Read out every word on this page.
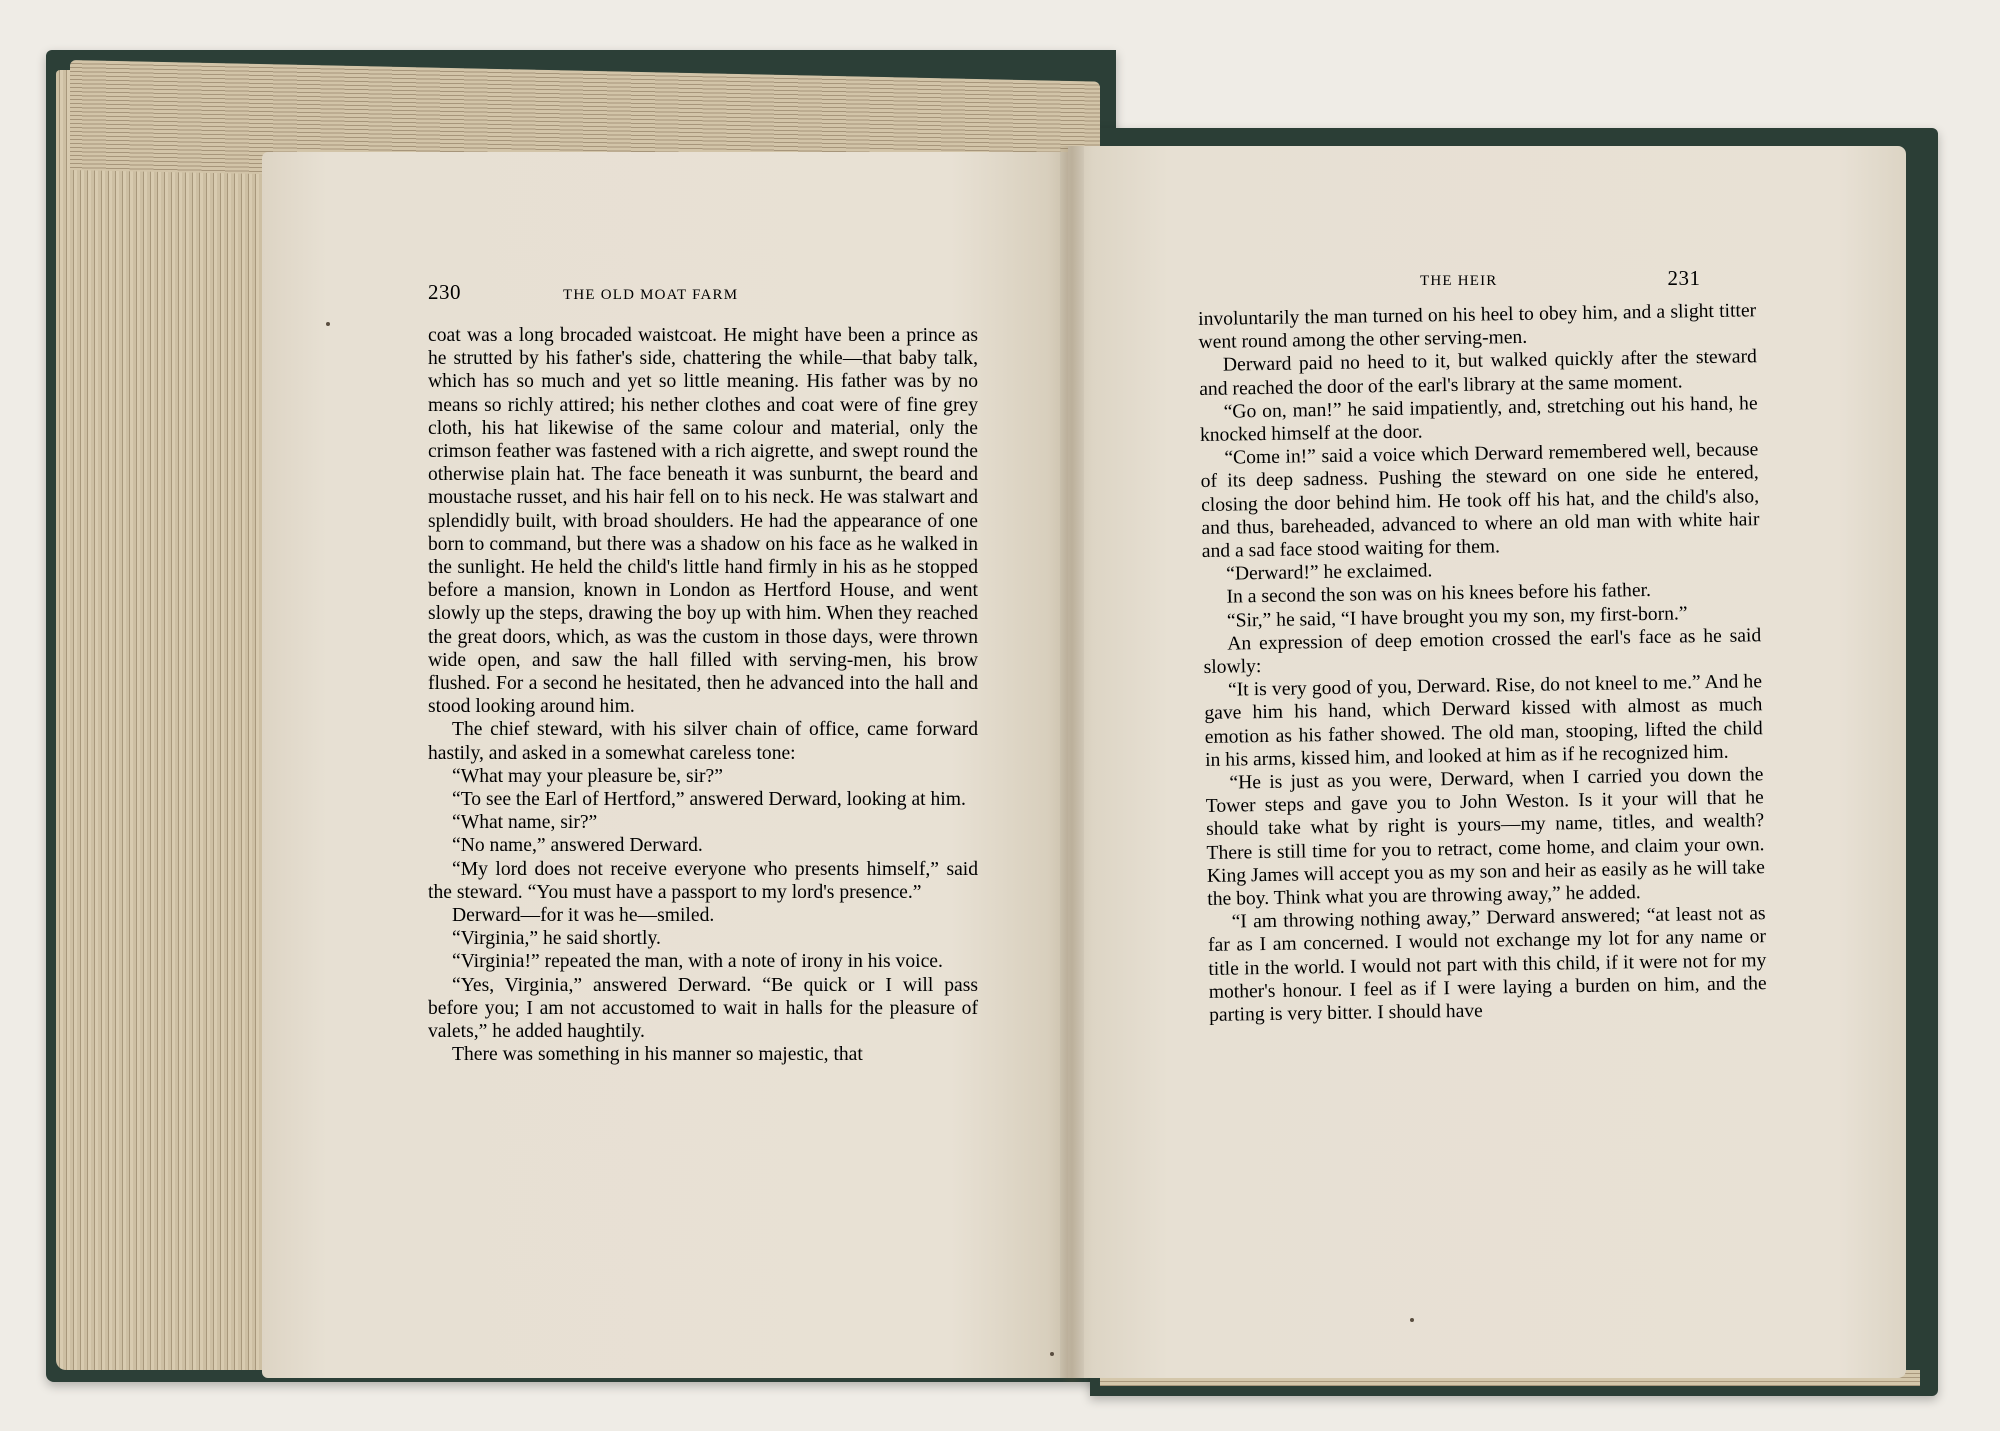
230	THE OLD MOAT FARM
THE HEIR	231

coat was a long brocaded waistcoat. He might have been a prince as he strutted by his father's side, chattering the while—that baby talk, which has so much and yet so little meaning. His father was by no means so richly attired; his nether clothes and coat were of fine grey cloth, his hat likewise of the same colour and material, only the crimson feather was fastened with a rich aigrette, and swept round the otherwise plain hat. The face beneath it was sunburnt, the beard and moustache russet, and his hair fell on to his neck. He was stalwart and splendidly built, with broad shoulders. He had the appearance of one born to command, but there was a shadow on his face as he walked in the sunlight. He held the child's little hand firmly in his as he stopped before a mansion, known in London as Hertford House, and went slowly up the steps, drawing the boy up with him. When they reached the great doors, which, as was the custom in those days, were thrown wide open, and saw the hall filled with serving-men, his brow flushed. For a second he hesitated, then he advanced into the hall and stood looking around him.

The chief steward, with his silver chain of office, came forward hastily, and asked in a somewhat careless tone:

“What may your pleasure be, sir?”

“To see the Earl of Hertford,” answered Derward, looking at him.

“What name, sir?”

“No name,” answered Derward.

“My lord does not receive everyone who presents himself,” said the steward. “You must have a passport to my lord's presence.”

Derward—for it was he—smiled.

“Virginia,” he said shortly.

“Virginia!” repeated the man, with a note of irony in his voice.

“Yes, Virginia,” answered Derward. “Be quick or I will pass before you; I am not accustomed to wait in halls for the pleasure of valets,” he added haughtily.

There was something in his manner so majestic, that

involuntarily the man turned on his heel to obey him, and a slight titter went round among the other serving-men.

Derward paid no heed to it, but walked quickly after the steward and reached the door of the earl's library at the same moment.

“Go on, man!” he said impatiently, and, stretching out his hand, he knocked himself at the door.

“Come in!” said a voice which Derward remembered well, because of its deep sadness. Pushing the steward on one side he entered, closing the door behind him. He took off his hat, and the child's also, and thus, bareheaded, advanced to where an old man with white hair and a sad face stood waiting for them.

“Derward!” he exclaimed.

In a second the son was on his knees before his father.

“Sir,” he said, “I have brought you my son, my first-born.”

An expression of deep emotion crossed the earl's face as he said slowly:

“It is very good of you, Derward. Rise, do not kneel to me.” And he gave him his hand, which Derward kissed with almost as much emotion as his father showed. The old man, stooping, lifted the child in his arms, kissed him, and looked at him as if he recognized him.

“He is just as you were, Derward, when I carried you down the Tower steps and gave you to John Weston. Is it your will that he should take what by right is yours—my name, titles, and wealth? There is still time for you to retract, come home, and claim your own. King James will accept you as my son and heir as easily as he will take the boy. Think what you are throwing away,” he added.

“I am throwing nothing away,” Derward answered; “at least not as far as I am concerned. I would not exchange my lot for any name or title in the world. I would not part with this child, if it were not for my mother's honour. I feel as if I were laying a burden on him, and the parting is very bitter. I should have
